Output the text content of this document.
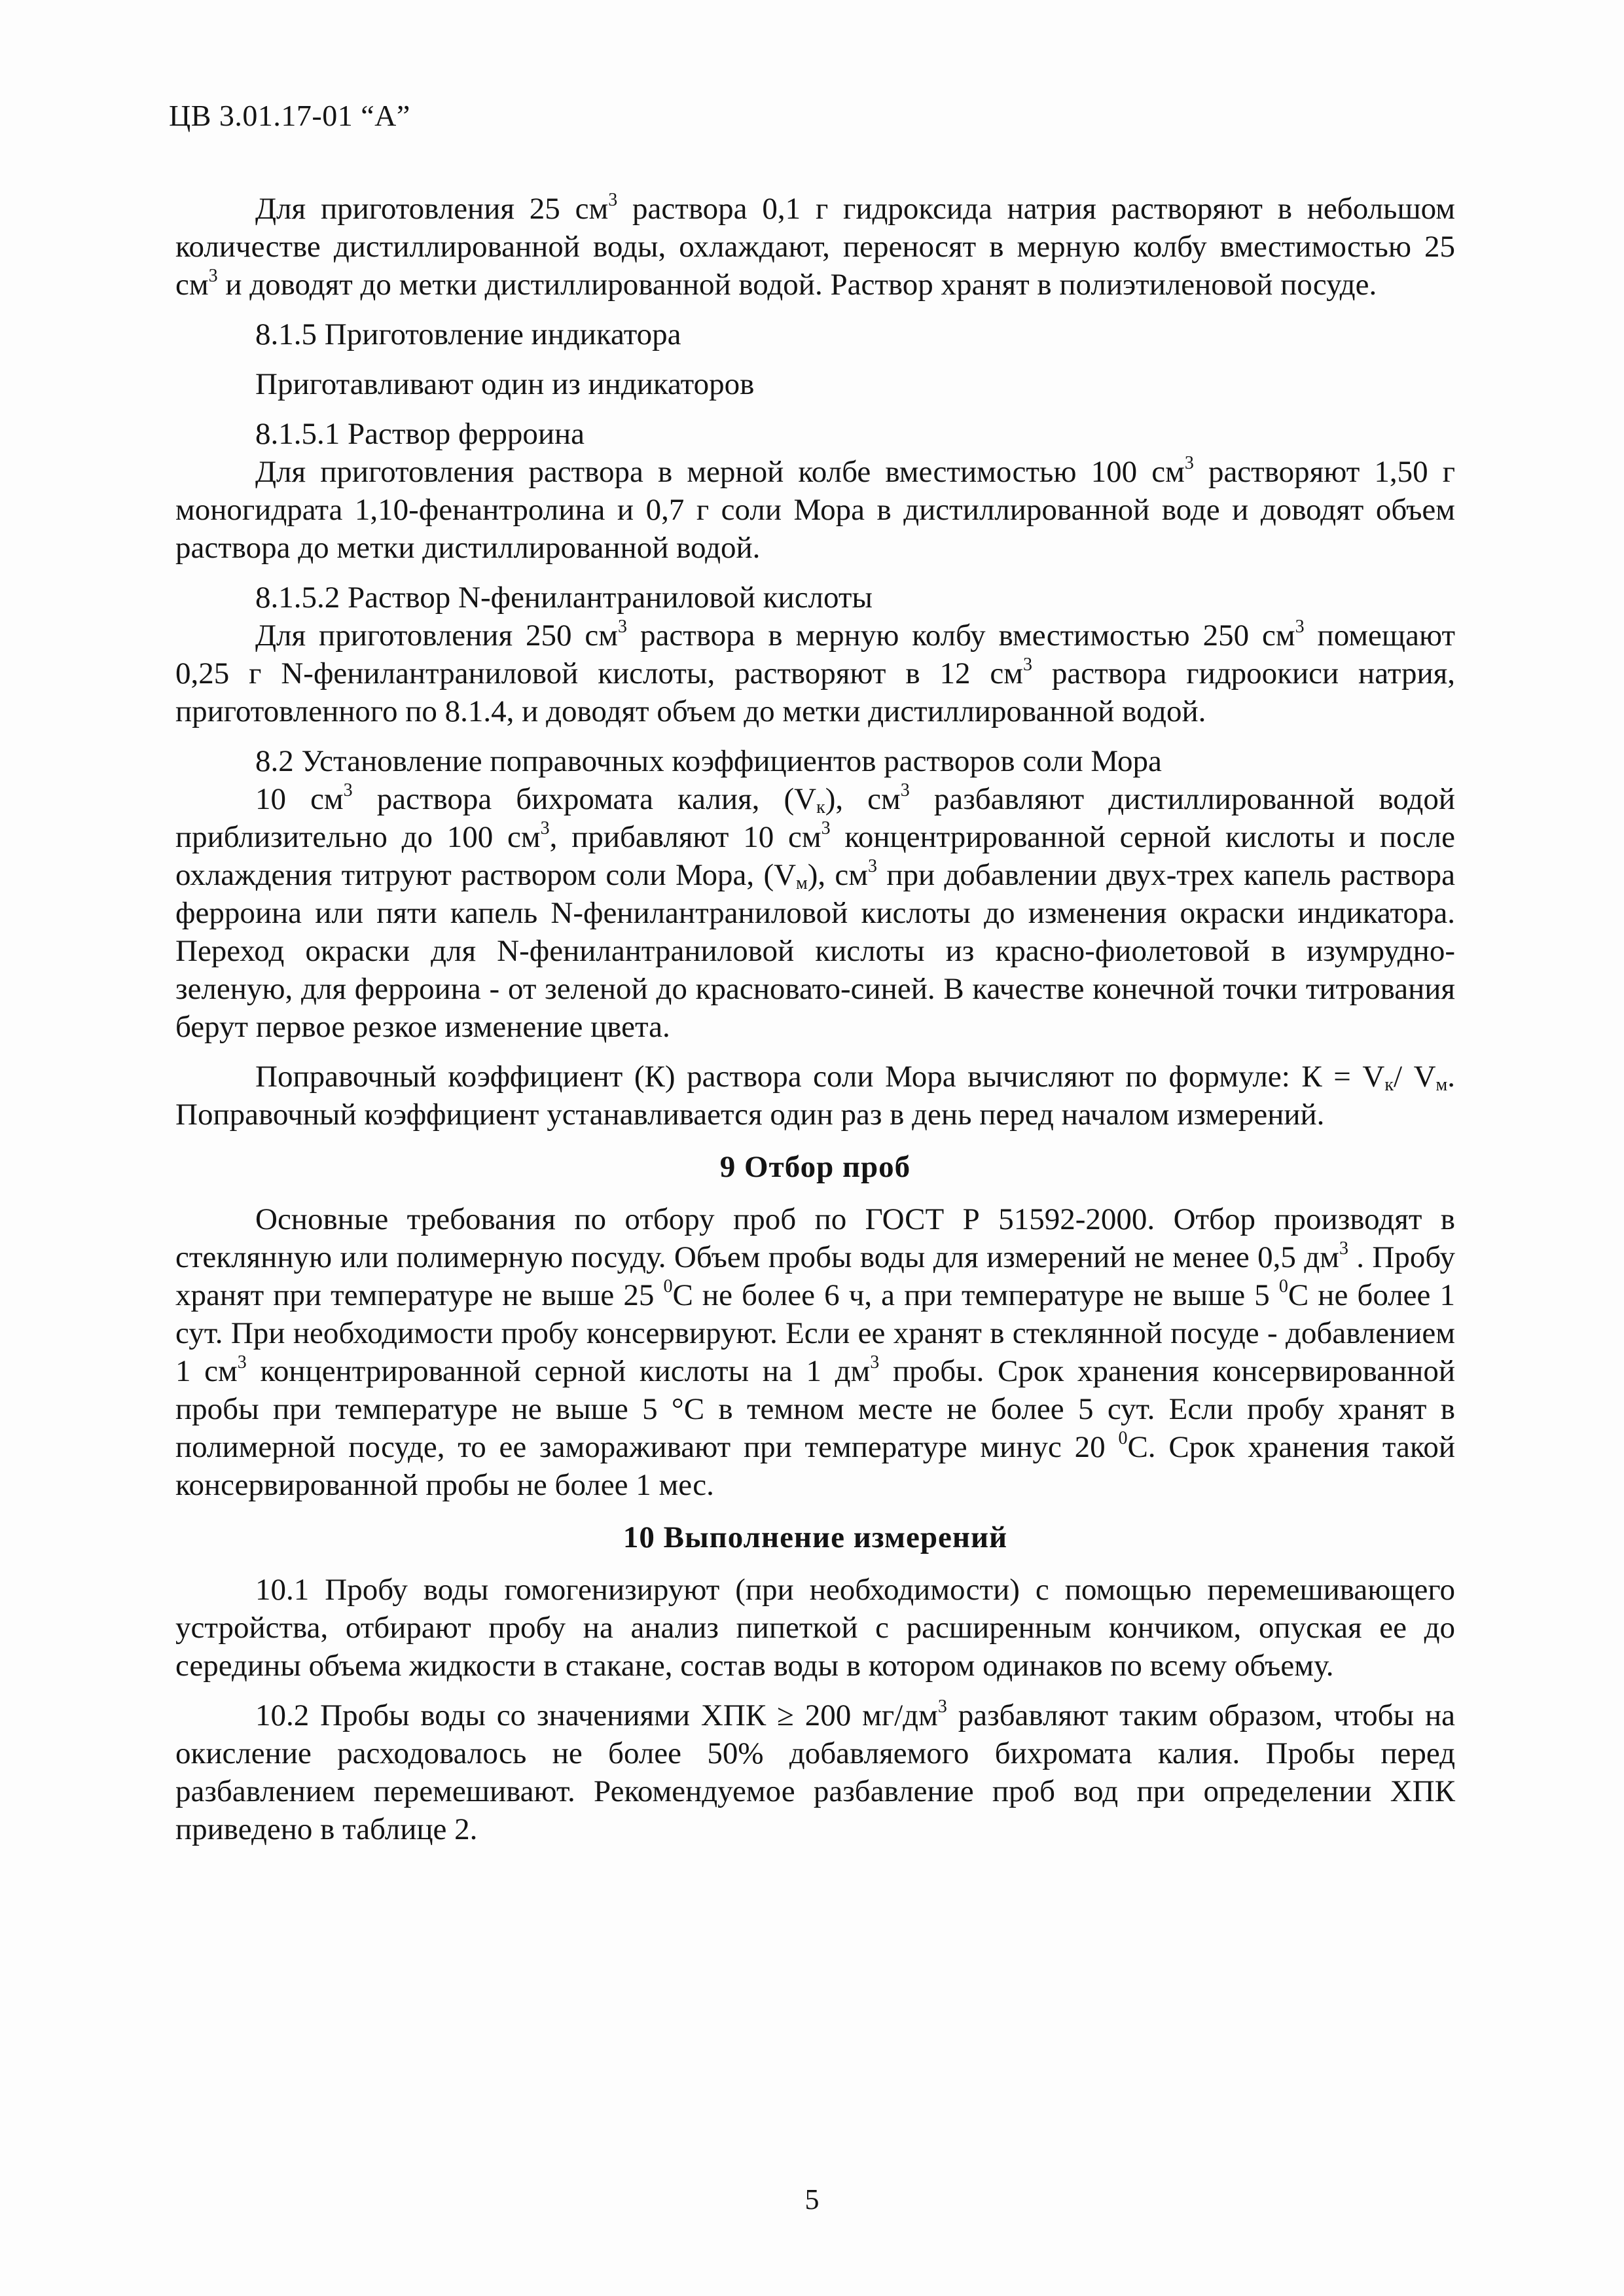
ЦВ 3.01.17-01 “А”

Для приготовления 25 $см^3$ раствора 0,1 г гидроксида натрия растворяют в небольшом количестве дистиллированной воды, охлаждают, переносят в мерную колбу вместимостью 25 $см^3$ и доводят до метки дистиллированной водой. Раствор хранят в полиэтиленовой посуде.

8.1.5 Приготовление индикатора

Приготавливают один из индикаторов

8.1.5.1 Раствор ферроина

Для приготовления раствора в мерной колбе вместимостью 100 $см^3$ растворяют 1,50 г моногидрата 1,10-фенантролина и 0,7 г соли Мора в дистиллированной воде и доводят объем раствора до метки дистиллированной водой.

8.1.5.2 Раствор N-фенилантраниловой кислоты

Для приготовления 250 $см^3$ раствора в мерную колбу вместимостью 250 $см^3$ помещают 0,25 г N-фенилантраниловой кислоты, растворяют в 12 $см^3$ раствора гидроокиси натрия, приготовленного по 8.1.4, и доводят объем до метки дистиллированной водой.

8.2 Установление поправочных коэффициентов растворов соли Мора

10 $см^3$ раствора бихромата калия, $(V_к)$, $см^3$ разбавляют дистиллированной водой приблизительно до 100 $см^3$, прибавляют 10 $см^3$ концентрированной серной кислоты и после охлаждения титруют раствором соли Мора, $(V_м)$, $см^3$ при добавлении двух-трех капель раствора ферроина или пяти капель N-фенилантраниловой кислоты до изменения окраски индикатора. Переход окраски для N-фенилантраниловой кислоты из красно-фиолетовой в изумрудно-зеленую, для ферроина - от зеленой до красновато-синей. В качестве конечной точки титрования берут первое резкое изменение цвета.

Поправочный коэффициент (К) раствора соли Мора вычисляют по формуле: $К = V_к/$ $V_м$. Поправочный коэффициент устанавливается один раз в день перед началом измерений.

9 Отбор проб

Основные требования по отбору проб по ГОСТ Р 51592-2000. Отбор производят в стеклянную или полимерную посуду. Объем пробы воды для измерений не менее 0,5 $дм^3$ . Пробу хранят при температуре не выше 25 $^0$С не более 6 ч, а при температуре не выше 5 $^0$С не более 1 сут. При необходимости пробу консервируют. Если ее хранят в стеклянной посуде - добавлением 1 $см^3$ концентрированной серной кислоты на 1 $дм^3$ пробы. Срок хранения консервированной пробы при температуре не выше 5 °С в темном месте не более 5 сут. Если пробу хранят в полимерной посуде, то ее замораживают при температуре минус 20 $^0$С. Срок хранения такой консервированной пробы не более 1 мес.

10 Выполнение измерений

10.1 Пробу воды гомогенизируют (при необходимости) с помощью перемешивающего устройства, отбирают пробу на анализ пипеткой с расширенным кончиком, опуская ее до середины объема жидкости в стакане, состав воды в котором одинаков по всему объему.

10.2 Пробы воды со значениями ХПК ≥ 200 $мг/дм^3$ разбавляют таким образом, чтобы на окисление расходовалось не более 50% добавляемого бихромата калия. Пробы перед разбавлением перемешивают. Рекомендуемое разбавление проб вод при определении ХПК приведено в таблице 2.

5
